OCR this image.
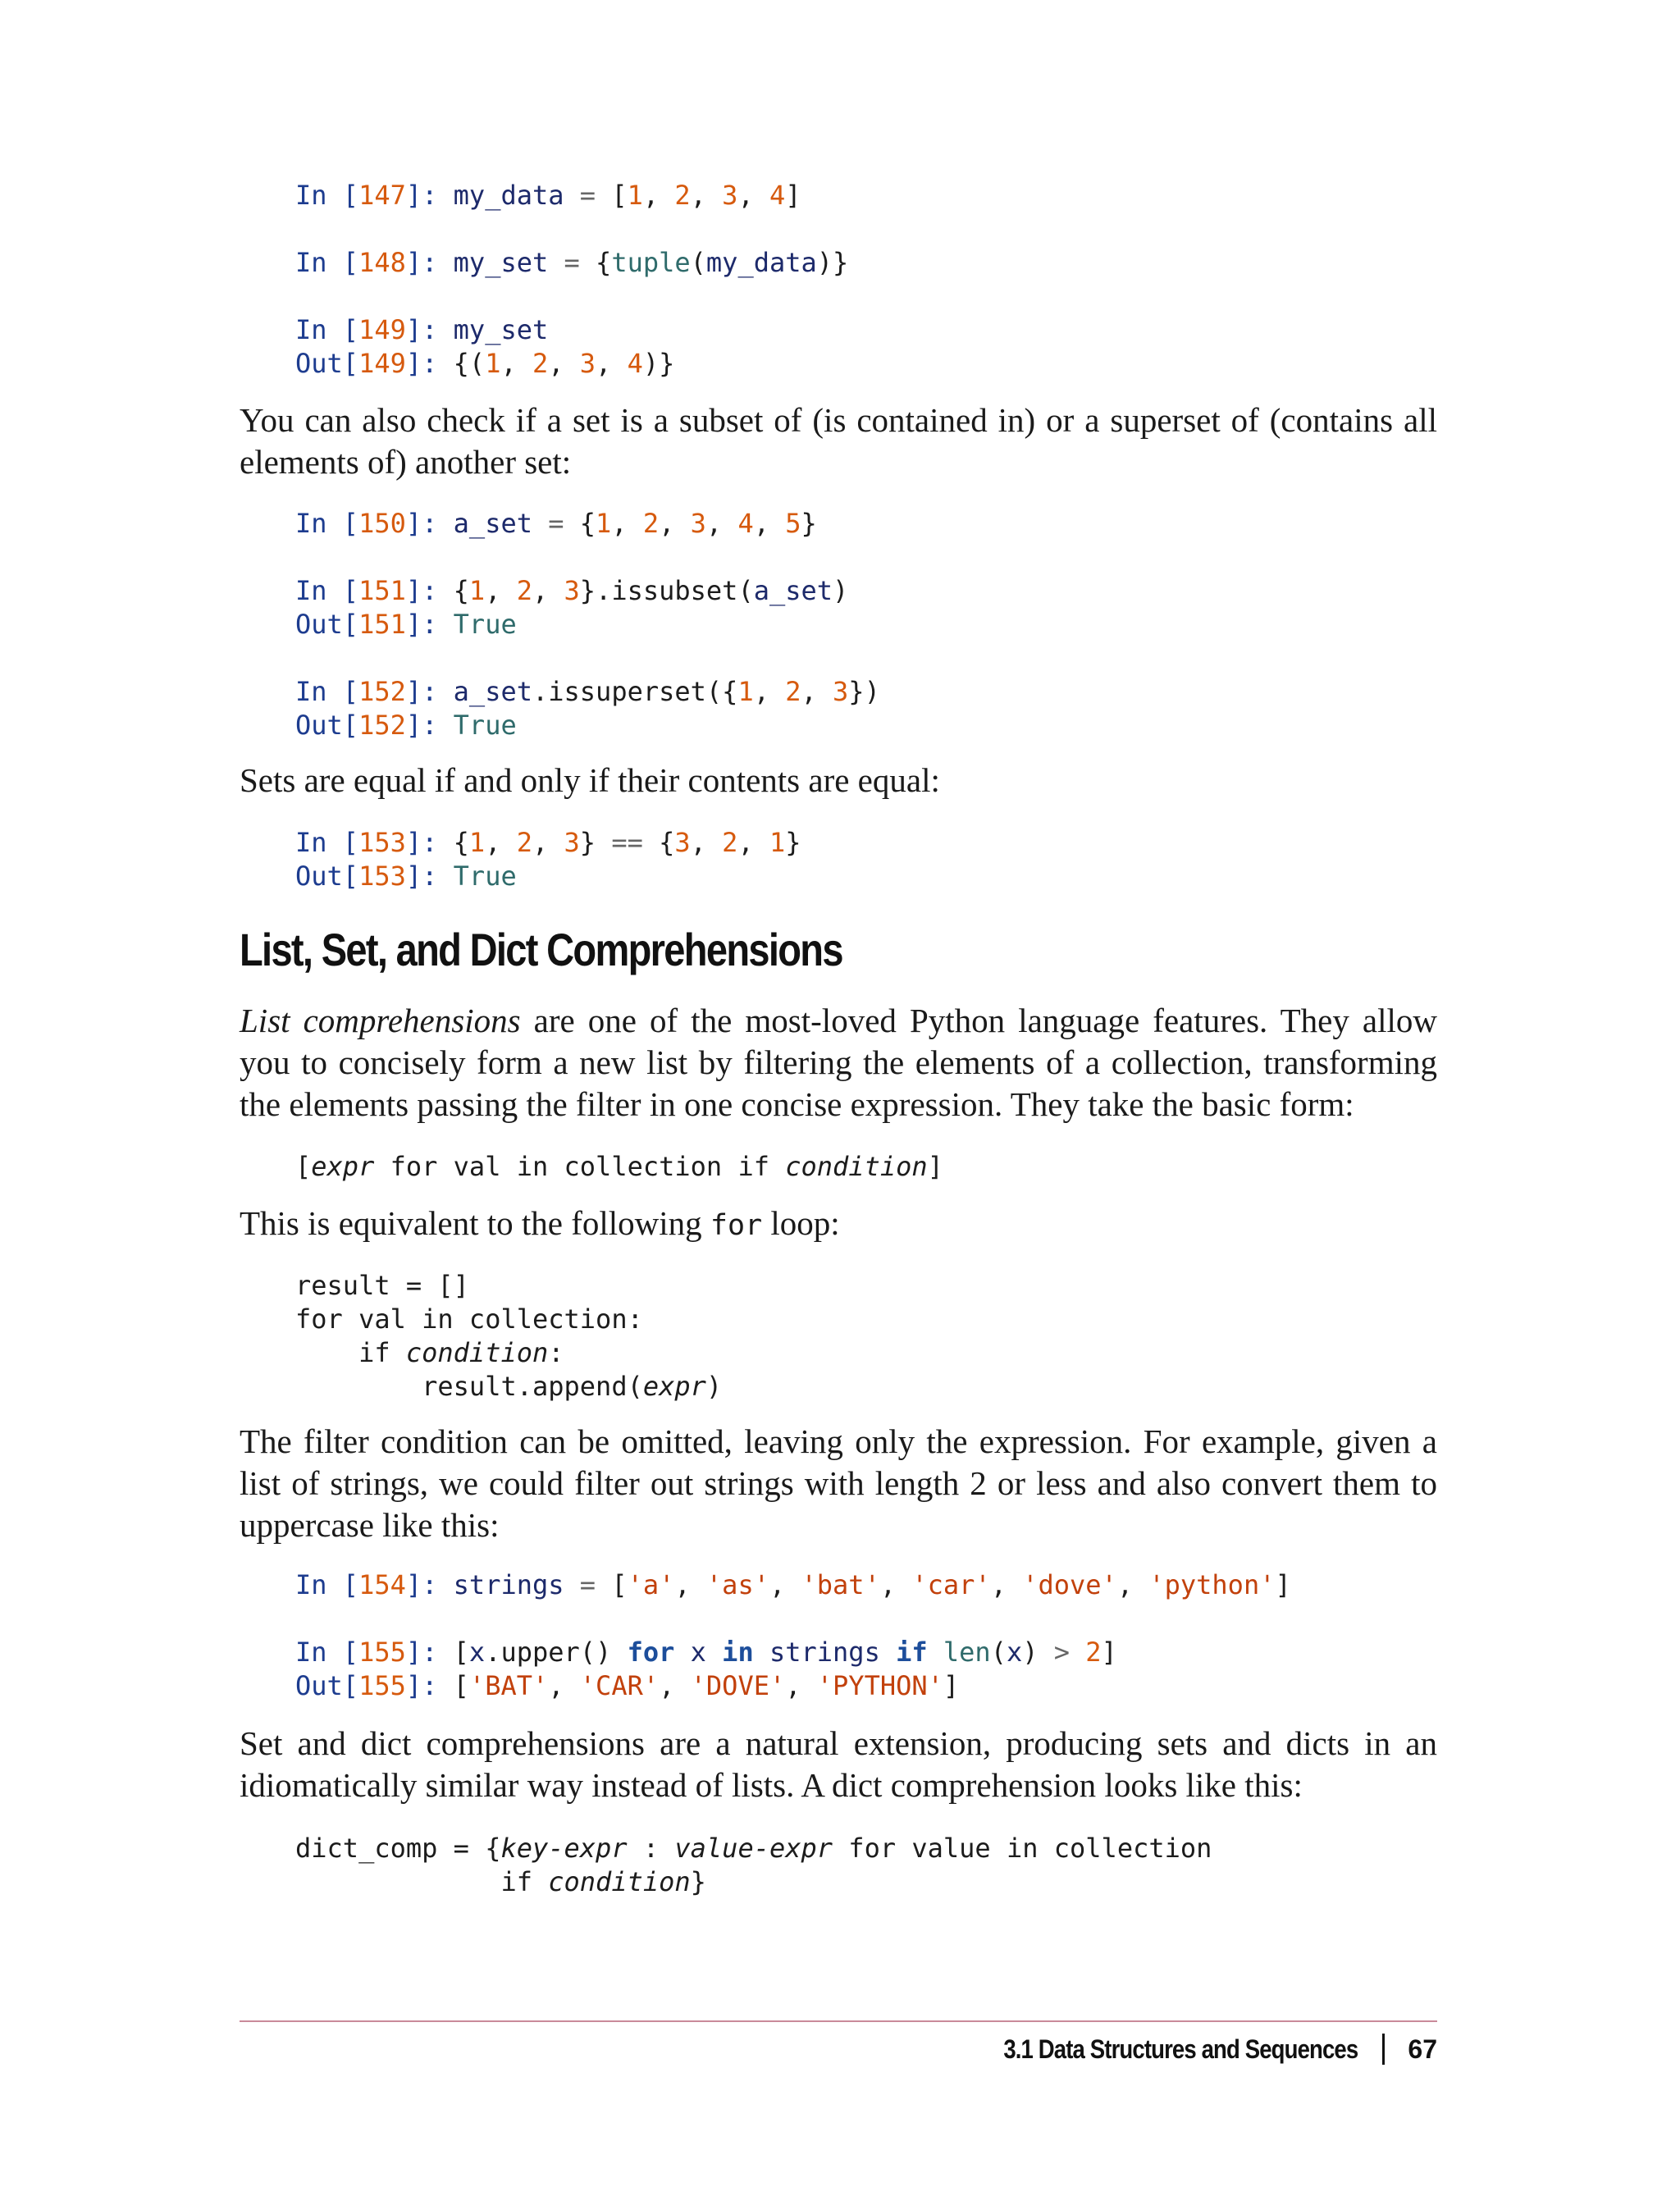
In [147]: my_data = [1, 2, 3, 4]
In [148]: my_set = {tuple(my_data)}
In [149]: my_set
Out[149]: {(1, 2, 3, 4)}

You can also check if a set is a subset of (is contained in) or a superset of (contains all elements of) another set:

In [150]: a_set = {1, 2, 3, 4, 5}
In [151]: {1, 2, 3}.issubset(a_set)
Out[151]: True
In [152]: a_set.issuperset({1, 2, 3})
Out[152]: True

Sets are equal if and only if their contents are equal:

In [153]: {1, 2, 3} == {3, 2, 1}
Out[153]: True
List, Set, and Dict Comprehensions

List comprehensions are one of the most-loved Python language features. They allow you to concisely form a new list by filtering the elements of a collection, transforming the elements passing the filter in one concise expression. They take the basic form:

[expr for val in collection if condition]

This is equivalent to the following for loop:

result = []
for val in collection:
if condition:
result.append(expr)

The filter condition can be omitted, leaving only the expression. For example, given a list of strings, we could filter out strings with length 2 or less and also convert them to uppercase like this:

In [154]: strings = ['a', 'as', 'bat', 'car', 'dove', 'python']
In [155]: [x.upper() for x in strings if len(x) > 2]
Out[155]: ['BAT', 'CAR', 'DOVE', 'PYTHON']

Set and dict comprehensions are a natural extension, producing sets and dicts in an idiomatically similar way instead of lists. A dict comprehension looks like this:

dict_comp = {key-expr : value-expr for value in collection
if condition}
3.1 Data Structures and Sequences 67
